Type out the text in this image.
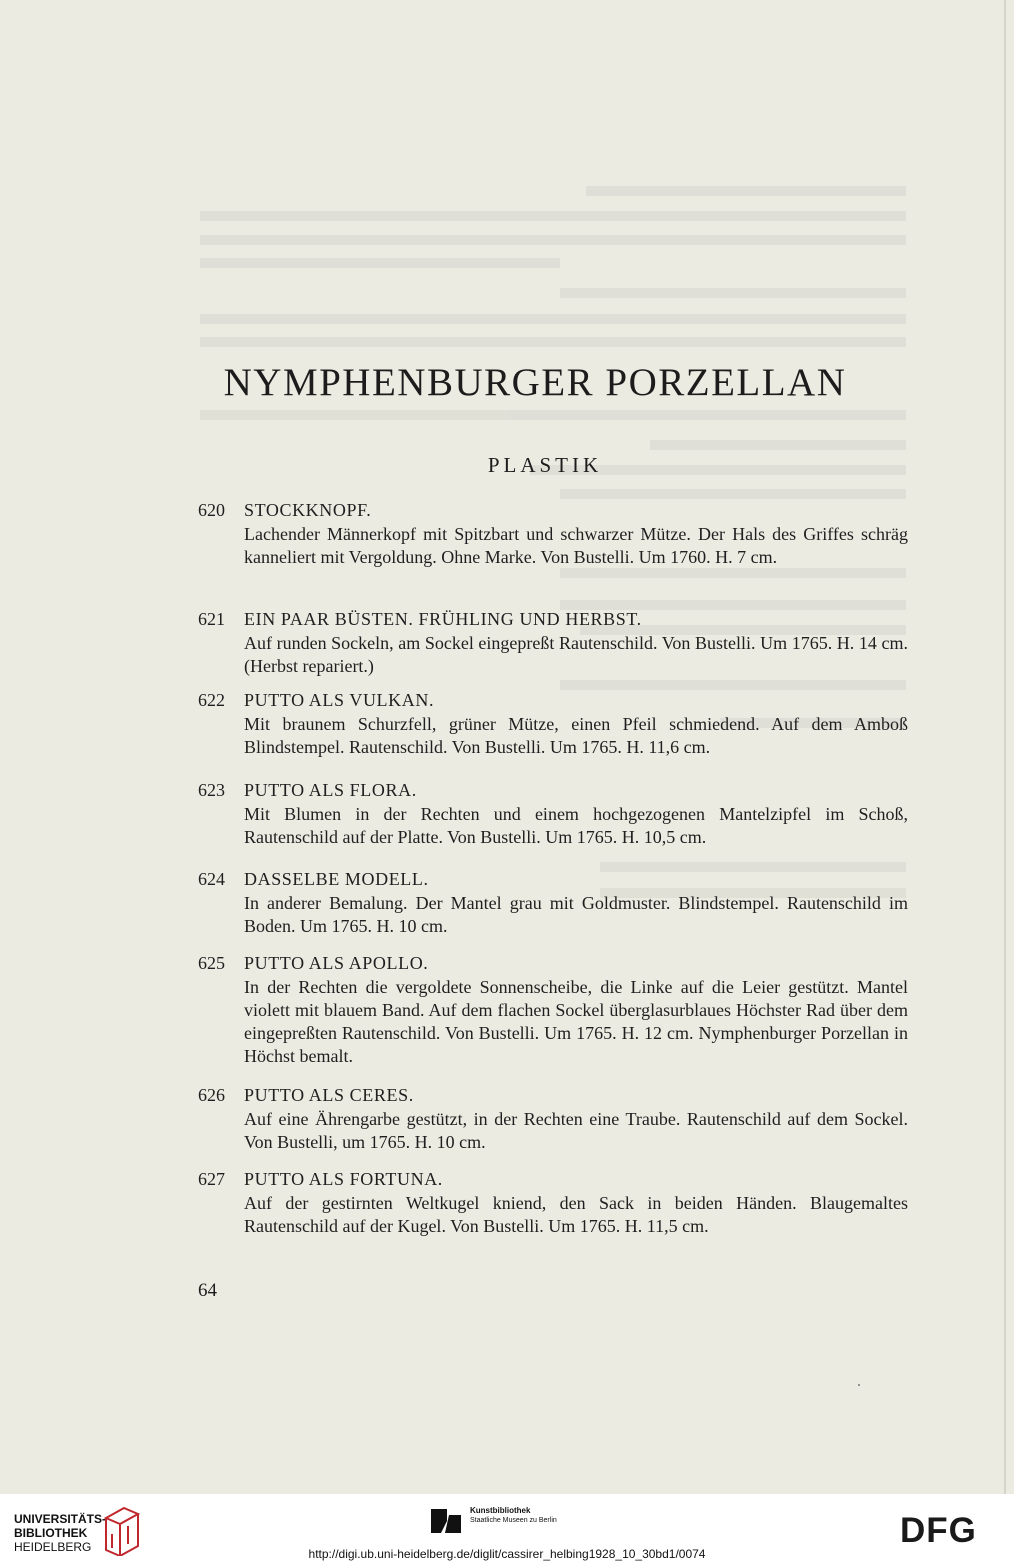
NYMPHENBURGER PORZELLAN
PLASTIK
620 STOCKKNOPF.
Lachender Männerkopf mit Spitzbart und schwarzer Mütze. Der Hals des Griffes schräg kanneliert mit Vergoldung. Ohne Marke. Von Bustelli. Um 1760. H. 7 cm.
621 EIN PAAR BÜSTEN. FRÜHLING UND HERBST.
Auf runden Sockeln, am Sockel eingepreßt Rautenschild. Von Bustelli. Um 1765. H. 14 cm. (Herbst repariert.)
622 PUTTO ALS VULKAN.
Mit braunem Schurzfell, grüner Mütze, einen Pfeil schmiedend. Auf dem Amboß Blindstempel. Rautenschild. Von Bustelli. Um 1765. H. 11,6 cm.
623 PUTTO ALS FLORA.
Mit Blumen in der Rechten und einem hochgezogenen Mantelzipfel im Schoß, Rautenschild auf der Platte. Von Bustelli. Um 1765. H. 10,5 cm.
624 DASSELBE MODELL.
In anderer Bemalung. Der Mantel grau mit Goldmuster. Blindstempel. Rautenschild im Boden. Um 1765. H. 10 cm.
625 PUTTO ALS APOLLO.
In der Rechten die vergoldete Sonnenscheibe, die Linke auf die Leier gestützt. Mantel violett mit blauem Band. Auf dem flachen Sockel überglasurblaues Höchster Rad über dem eingepreßten Rautenschild. Von Bustelli. Um 1765. H. 12 cm. Nymphenburger Porzellan in Höchst bemalt.
626 PUTTO ALS CERES.
Auf eine Ährengarbe gestützt, in der Rechten eine Traube. Rautenschild auf dem Sockel. Von Bustelli, um 1765. H. 10 cm.
627 PUTTO ALS FORTUNA.
Auf der gestirnten Weltkugel kniend, den Sack in beiden Händen. Blaugemaltes Rautenschild auf der Kugel. Von Bustelli. Um 1765. H. 11,5 cm.
64
UNIVERSITÄTS-
BIBLIOTHEK
HEIDELBERG
Kunstbibliothek
Staatliche Museen zu Berlin	DFG
http://digi.ub.uni-heidelberg.de/diglit/cassirer_helbing1928_10_30bd1/0074
